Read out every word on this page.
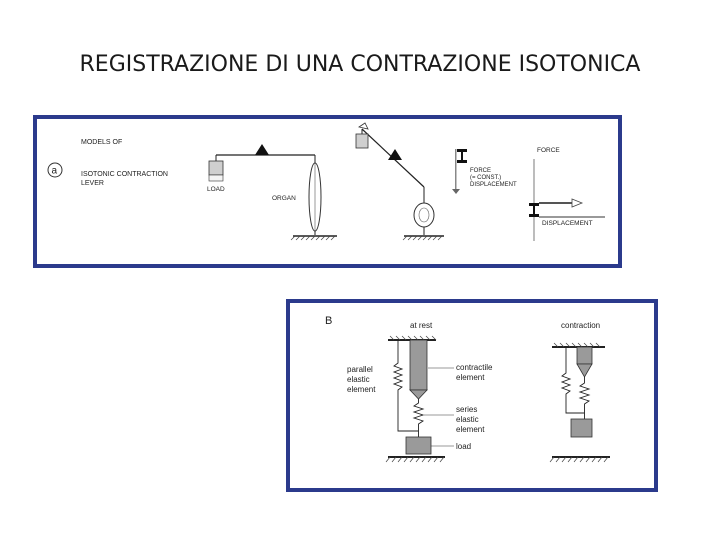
REGISTRAZIONE DI UNA CONTRAZIONE ISOTONICA
MODELS OF
a	ISOTONIC CONTRACTION
LEVER
LOAD
ORGAN
FORCE
(= CONST.)
DISPLACEMENT
FORCE
DISPLACEMENT
B	at rest	contraction
parallel
elastic
element
contractile
element
series
elastic
element
load
